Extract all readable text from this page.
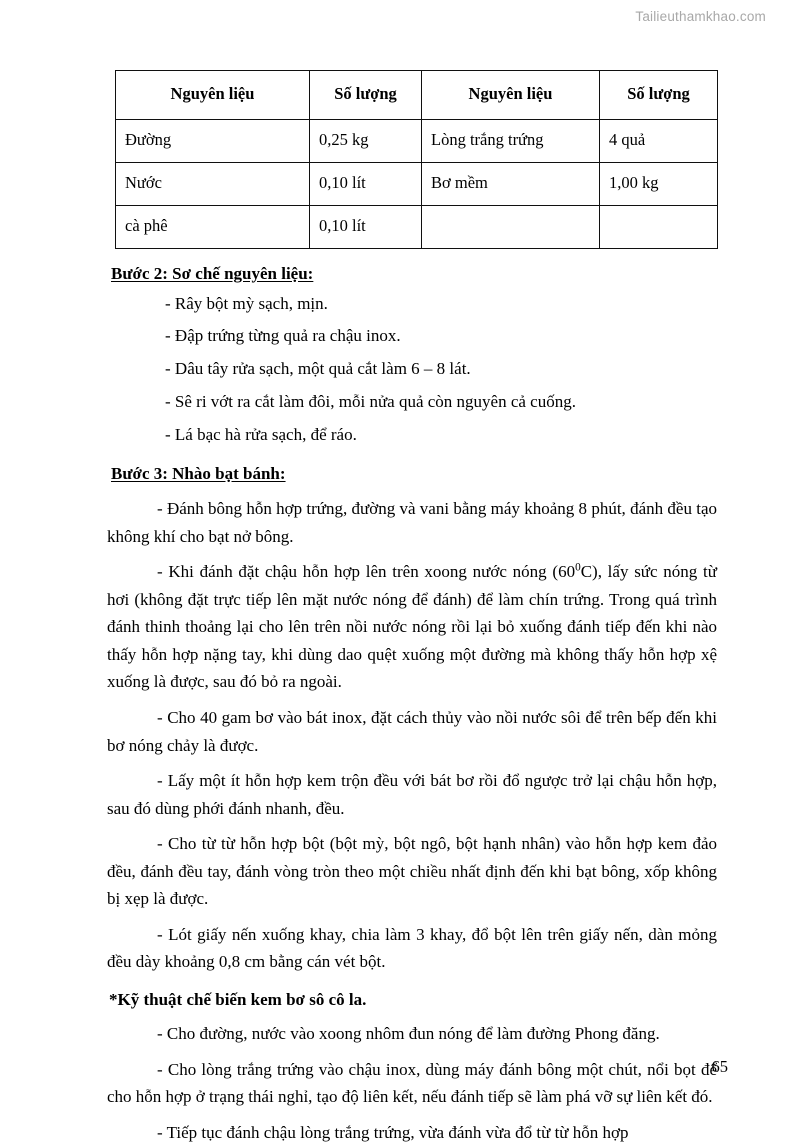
Tailieuthamkhao.com
Nguyên liệu	Số lượng	Nguyên liệu	Số lượng
Đường	0,25 kg	Lòng trắng trứng	4 quả
Nước	0,10 lít	Bơ mềm	1,00 kg
cà phê	0,10 lít		
Bước 2: Sơ chế nguyên liệu:
- Rây bột mỳ sạch, mịn.
- Đập trứng từng quả ra chậu inox.
- Dâu tây rửa sạch, một quả cắt làm 6 – 8 lát.
- Sê ri vớt ra cắt làm đôi, mỗi nửa quả còn nguyên cả cuống.
- Lá bạc hà rửa sạch, để ráo.
Bước 3: Nhào bạt bánh:

- Đánh bông hỗn hợp trứng, đường và vani bằng máy khoảng 8 phút, đánh đều tạo không khí cho bạt nở bông.

- Khi đánh đặt chậu hỗn hợp lên trên xoong nước nóng $(60^0C)$, lấy sức nóng từ hơi (không đặt trực tiếp lên mặt nước nóng để đánh) để làm chín trứng. Trong quá trình đánh thinh thoảng lại cho lên trên nồi nước nóng rồi lại bỏ xuống đánh tiếp đến khi nào thấy hỗn hợp nặng tay, khi dùng dao quệt xuống một đường mà không thấy hỗn hợp xệ xuống là được, sau đó bỏ ra ngoài.

- Cho 40 gam bơ vào bát inox, đặt cách thủy vào nồi nước sôi để trên bếp đến khi bơ nóng chảy là được.

- Lấy một ít hỗn hợp kem trộn đều với bát bơ rồi đổ ngược trở lại chậu hỗn hợp, sau đó dùng phới đánh nhanh, đều.

- Cho từ từ hỗn hợp bột (bột mỳ, bột ngô, bột hạnh nhân) vào hỗn hợp kem đảo đều, đánh đều tay, đánh vòng tròn theo một chiều nhất định đến khi bạt bông, xốp không bị xẹp là được.

- Lót giấy nến xuống khay, chia làm 3 khay, đổ bột lên trên giấy nến, dàn mỏng đều dày khoảng 0,8 cm bằng cán vét bột.

*Kỹ thuật chế biến kem bơ sô cô la.

- Cho đường, nước vào xoong nhôm đun nóng để làm đường Phong đăng.

- Cho lòng trắng trứng vào chậu inox, dùng máy đánh bông một chút, nổi bọt để cho hỗn hợp ở trạng thái nghỉ, tạo độ liên kết, nếu đánh tiếp sẽ làm phá vỡ sự liên kết đó.

- Tiếp tục đánh chậu lòng trắng trứng, vừa đánh vừa đổ từ từ hỗn hợp

65
